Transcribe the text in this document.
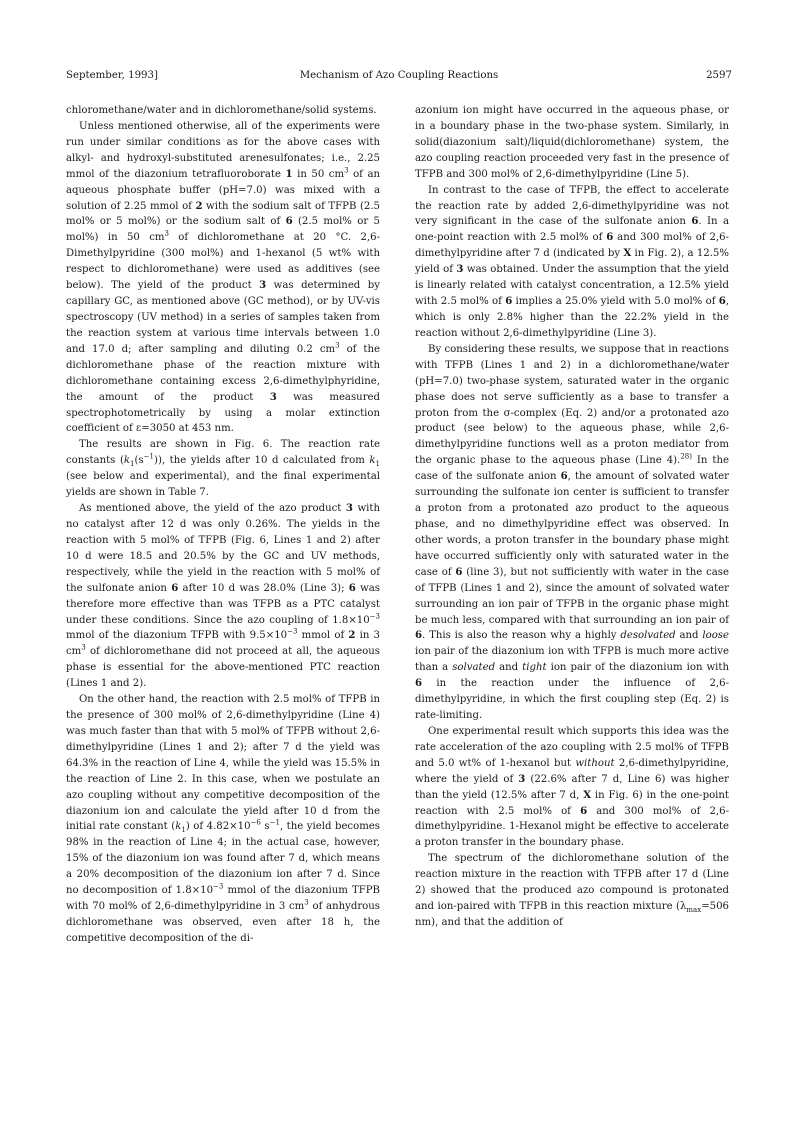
September, 1993]	Mechanism of Azo Coupling Reactions	2597

chloromethane/water and in dichloromethane/solid systems.

Unless mentioned otherwise, all of the experiments were run under similar conditions as for the above cases with alkyl- and hydroxyl-substituted arenesulfonates; i.e., 2.25 mmol of the diazonium tetrafluoroborate 1 in 50 $cm^3$ of an aqueous phosphate buffer (pH=7.0) was mixed with a solution of 2.25 mmol of 2 with the sodium salt of TFPB (2.5 mol% or 5 mol%) or the sodium salt of 6 (2.5 mol% or 5 mol%) in 50 $cm^3$ of dichloromethane at 20 °C. 2,6-Dimethylpyridine (300 mol%) and 1-hexanol (5 wt% with respect to dichloromethane) were used as additives (see below). The yield of the product 3 was determined by capillary GC, as mentioned above (GC method), or by UV-vis spectroscopy (UV method) in a series of samples taken from the reaction system at various time intervals between 1.0 and 17.0 d; after sampling and diluting 0.2 $cm^3$ of the dichloromethane phase of the reaction mixture with dichloromethane containing excess 2,6-dimethylphyridine, the amount of the product 3 was measured spectrophotometrically by using a molar extinction coefficient of ε=3050 at 453 nm.

The results are shown in Fig. 6. The reaction rate constants $(k_1(s^{-1}))$, the yields after 10 d calculated from $k_1$ (see below and experimental), and the final experimental yields are shown in Table 7.

As mentioned above, the yield of the azo product 3 with no catalyst after 12 d was only 0.26%. The yields in the reaction with 5 mol% of TFPB (Fig. 6, Lines 1 and 2) after 10 d were 18.5 and 20.5% by the GC and UV methods, respectively, while the yield in the reaction with 5 mol% of the sulfonate anion 6 after 10 d was 28.0% (Line 3); 6 was therefore more effective than was TFPB as a PTC catalyst under these conditions. Since the azo coupling of $1.8\times 10^{-3}$ mmol of the diazonium TFPB with $9.5\times 10^{-3}$ mmol of 2 in 3 $cm^3$ of dichloromethane did not proceed at all, the aqueous phase is essential for the above-mentioned PTC reaction (Lines 1 and 2).

On the other hand, the reaction with 2.5 mol% of TFPB in the presence of 300 mol% of 2,6-dimethylpyridine (Line 4) was much faster than that with 5 mol% of TFPB without 2,6-dimethylpyridine (Lines 1 and 2); after 7 d the yield was 64.3% in the reaction of Line 4, while the yield was 15.5% in the reaction of Line 2. In this case, when we postulate an azo coupling without any competitive decomposition of the diazonium ion and calculate the yield after 10 d from the initial rate constant $(k_1)$ of $4.82\times 10^{-6}$ $s^{-1}$, the yield becomes 98% in the reaction of Line 4; in the actual case, however, 15% of the diazonium ion was found after 7 d, which means a 20% decomposition of the diazonium ion after 7 d. Since no decomposition of $1.8\times 10^{-3}$ mmol of the diazonium TFPB with 70 mol% of 2,6-dimethylpyridine in 3 $cm^3$ of anhydrous dichloromethane was observed, even after 18 h, the competitive decomposition of the di-

azonium ion might have occurred in the aqueous phase, or in a boundary phase in the two-phase system. Similarly, in solid(diazonium salt)/liquid(dichloromethane) system, the azo coupling reaction proceeded very fast in the presence of TFPB and 300 mol% of 2,6-dimethylpyridine (Line 5).

In contrast to the case of TFPB, the effect to accelerate the reaction rate by added 2,6-dimethylpyridine was not very significant in the case of the sulfonate anion 6. In a one-point reaction with 2.5 mol% of 6 and 300 mol% of 2,6-dimethylpyridine after 7 d (indicated by X in Fig. 2), a 12.5% yield of 3 was obtained. Under the assumption that the yield is linearly related with catalyst concentration, a 12.5% yield with 2.5 mol% of 6 implies a 25.0% yield with 5.0 mol% of 6, which is only 2.8% higher than the 22.2% yield in the reaction without 2,6-dimethylpyridine (Line 3).

By considering these results, we suppose that in reactions with TFPB (Lines 1 and 2) in a dichloromethane/water (pH=7.0) two-phase system, saturated water in the organic phase does not serve sufficiently as a base to transfer a proton from the σ-complex (Eq. 2) and/or a protonated azo product (see below) to the aqueous phase, while 2,6-dimethylpyridine functions well as a proton mediator from the organic phase to the aqueous phase (Line 4).$^{28)}$ In the case of the sulfonate anion 6, the amount of solvated water surrounding the sulfonate ion center is sufficient to transfer a proton from a protonated azo product to the aqueous phase, and no dimethylpyridine effect was observed. In other words, a proton transfer in the boundary phase might have occurred sufficiently only with saturated water in the case of 6 (line 3), but not sufficiently with water in the case of TFPB (Lines 1 and 2), since the amount of solvated water surrounding an ion pair of TFPB in the organic phase might be much less, compared with that surrounding an ion pair of 6. This is also the reason why a highly desolvated and loose ion pair of the diazonium ion with TFPB is much more active than a solvated and tight ion pair of the diazonium ion with 6 in the reaction under the influence of 2,6-dimethylpyridine, in which the first coupling step (Eq. 2) is rate-limiting.

One experimental result which supports this idea was the rate acceleration of the azo coupling with 2.5 mol% of TFPB and 5.0 wt% of 1-hexanol but without 2,6-dimethylpyridine, where the yield of 3 (22.6% after 7 d, Line 6) was higher than the yield (12.5% after 7 d, X in Fig. 6) in the one-point reaction with 2.5 mol% of 6 and 300 mol% of 2,6-dimethylpyridine. 1-Hexanol might be effective to accelerate a proton transfer in the boundary phase.

The spectrum of the dichloromethane solution of the reaction mixture in the reaction with TFPB after 17 d (Line 2) showed that the produced azo compound is protonated and ion-paired with TFPB in this reaction mixture ($\lambda_{max}=506$ nm), and that the addition of
